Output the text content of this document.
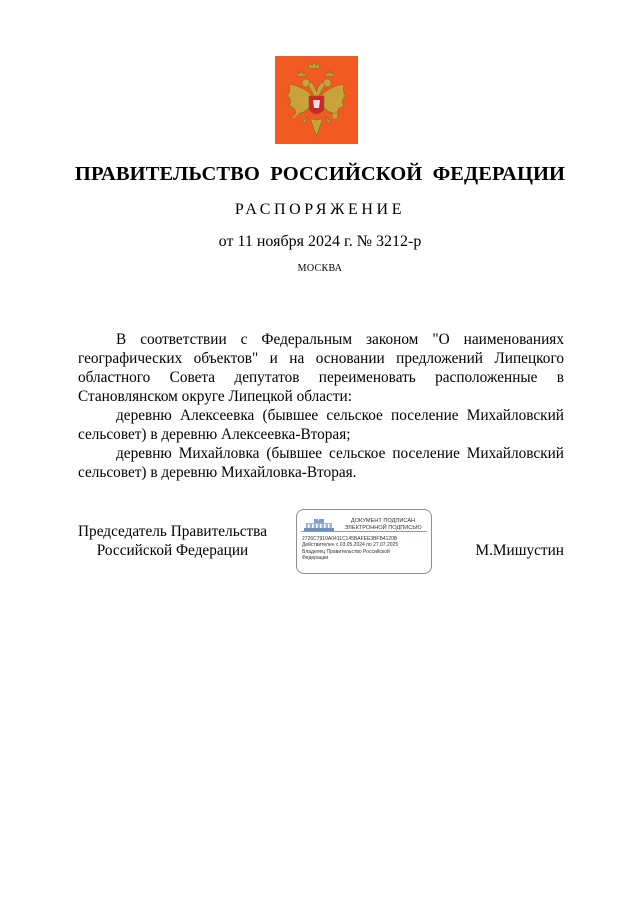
ПРАВИТЕЛЬСТВО РОССИЙСКОЙ ФЕДЕРАЦИИ
РАСПОРЯЖЕНИЕ
от 11 ноября 2024 г. № 3212-р
МОСКВА

В соответствии с Федеральным законом "О наименованиях географических объектов" и на основании предложений Липецкого областного Совета депутатов переименовать расположенные в Становлянском округе Липецкой области:

деревню Алексеевка (бывшее сельское поселение Михайловский сельсовет) в деревню Алексеевка-Вторая;

деревню Михайловка (бывшее сельское поселение Михайловский сельсовет) в деревню Михайловка-Вторая.

Председатель Правительства
Российской Федерации
ДОКУМЕНТ ПОДПИСАН
ЭЛЕКТРОННОЙ ПОДПИСЬЮ
2726C7910A0411C145BAFEE3BFB4120B
Действителен с 03.05.2024 по 27.07.2025
Владелец Правительство Российской
Федерации	М.Мишустин
